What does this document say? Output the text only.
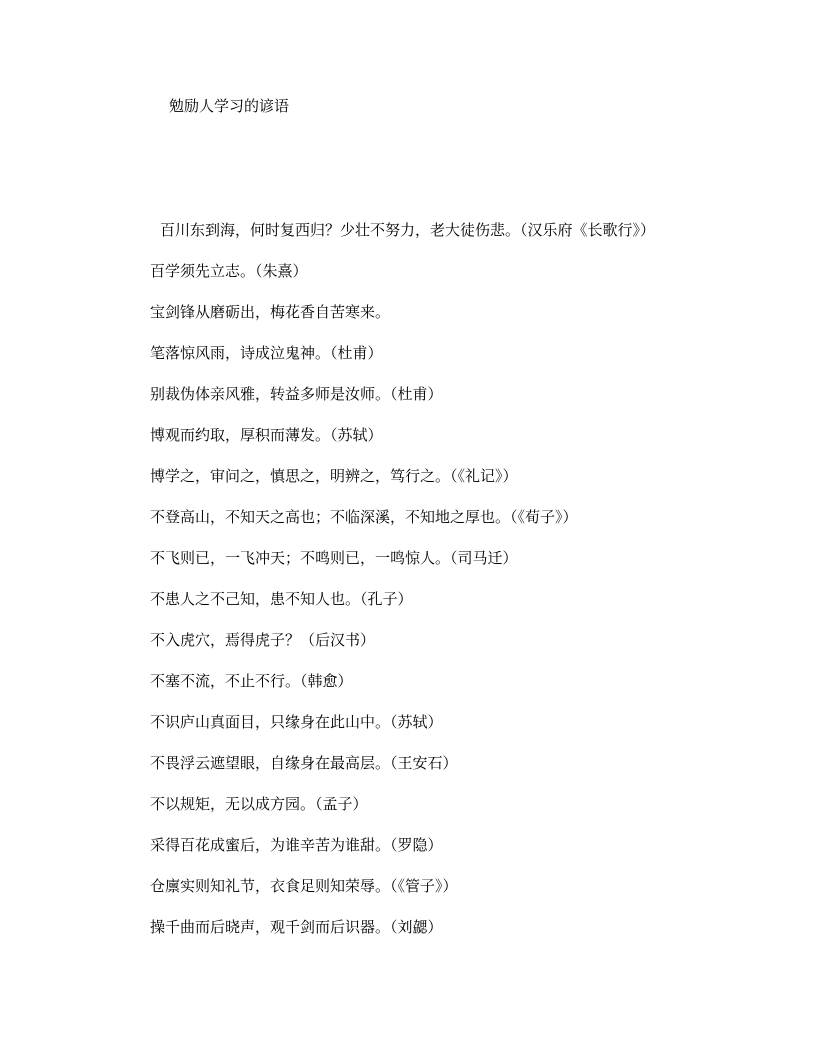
勉励人学习的谚语
百川东到海，何时复西归？少壮不努力，老大徒伤悲。（汉乐府《长歌行》）
百学须先立志。（朱熹）
宝剑锋从磨砺出，梅花香自苦寒来。
笔落惊风雨，诗成泣鬼神。（杜甫）
别裁伪体亲风雅，转益多师是汝师。（杜甫）
博观而约取，厚积而薄发。（苏轼）
博学之，审问之，慎思之，明辨之，笃行之。（《礼记》）
不登高山，不知天之高也；不临深溪，不知地之厚也。（《荀子》）
不飞则已，一飞冲天；不鸣则已，一鸣惊人。（司马迁）
不患人之不己知，患不知人也。（孔子）
不入虎穴，焉得虎子？（后汉书）
不塞不流，不止不行。（韩愈）
不识庐山真面目，只缘身在此山中。（苏轼）
不畏浮云遮望眼，自缘身在最高层。（王安石）
不以规矩，无以成方园。（孟子）
采得百花成蜜后，为谁辛苦为谁甜。（罗隐）
仓廪实则知礼节，衣食足则知荣辱。（《管子》）
操千曲而后晓声，观千剑而后识器。（刘勰）
